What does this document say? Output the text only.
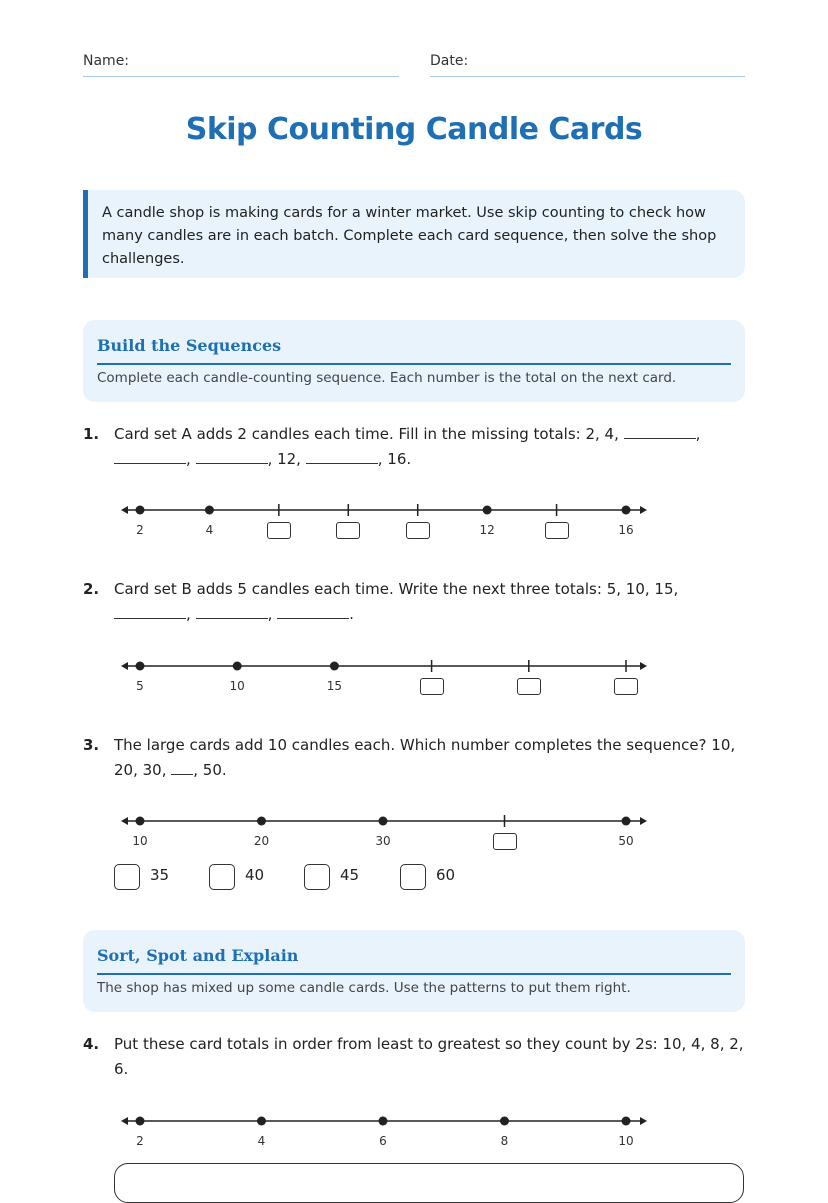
Name:	Date:
Skip Counting Candle Cards
A candle shop is making cards for a winter market. Use skip counting to check how many candles are in each batch. Complete each card sequence, then solve the shop challenges.
Build the Sequences
Complete each candle-counting sequence. Each number is the total on the next card.
1. Card set A adds 2 candles each time. Fill in the missing totals: 2, 4,	,
,	, 12,	, 16.
2. Card set B adds 5 candles each time. Write the next three totals: 5, 10, 15,
,	,	.
3. The large cards add 10 candles each. Which number completes the sequence? 10,
20, 30, , 50.
35	40	45	60
Sort, Spot and Explain
The shop has mixed up some candle cards. Use the patterns to put them right.
4. Put these card totals in order from least to greatest so they count by 2s: 10, 4, 8, 2,
6.
2	4	12	16
5	10	15
10	20	30	50
2	4	6	8	10
